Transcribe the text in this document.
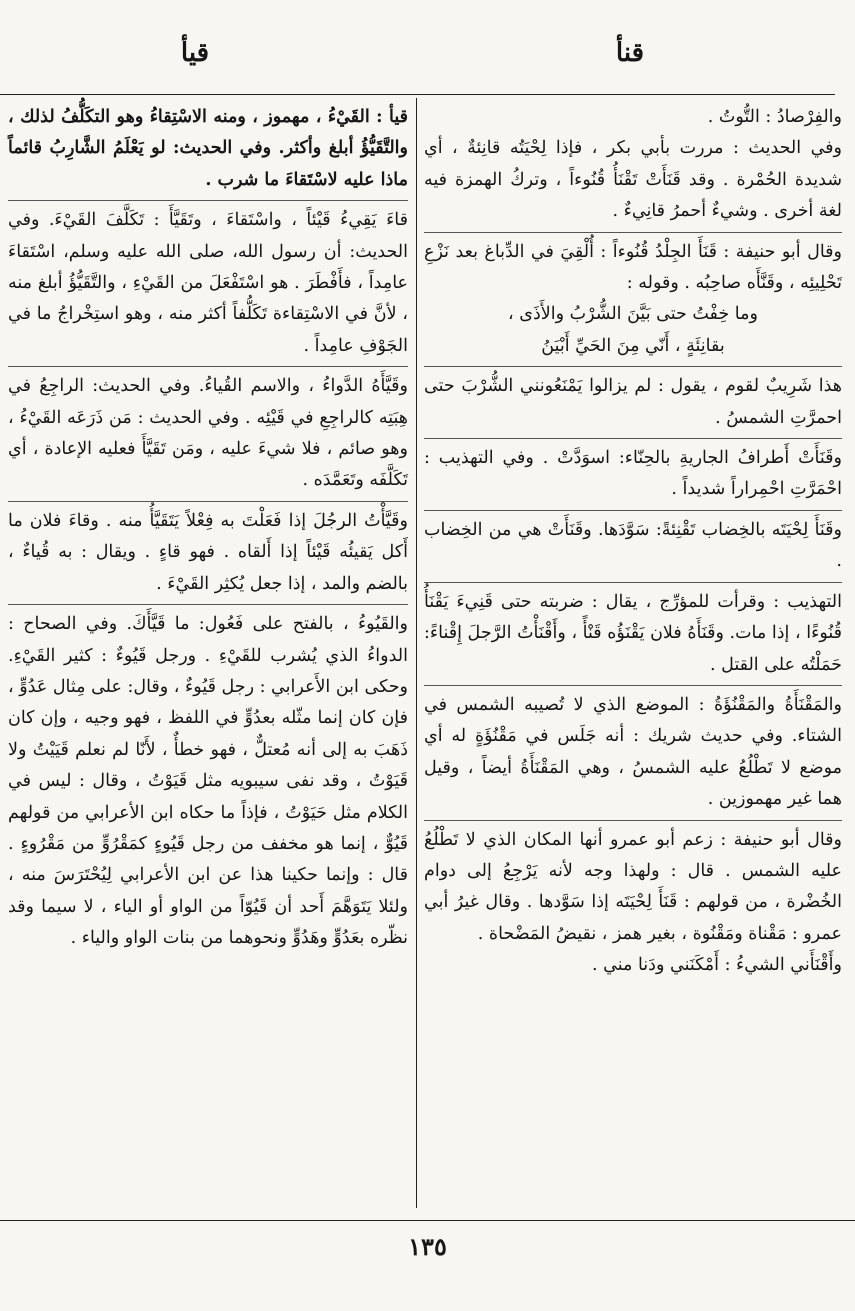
قنأ
قيأ

والفِرْصادُ : التُّوتُ .

وفي الحديث : مررت بأبي بكر ، فإذا لِحْيَتُه قانِئةٌ ، أي شديدة الحُمْرة . وقد قَنَأَتْ تَقْنَأُ قُنُوءاً ، وتركُ الهمزة فيه لغة أخرى . وشيءٌ أحمرُ قانِيءٌ .

وقال أبو حنيفة : قَنَأَ الجِلْدُ قُنُوءاً : أُلْقِيَ في الدِّباغ بعد نَزْعِ تَحْلِيئِه ، وقَنَّأَه صاحِبُه . وقوله :

وما خِفْتُ حتى بَيَّنَ الشُّرْبُ والأَذَى ،

بقانِئَةٍ ، أَنّي مِنَ الحَيِّ أَبْيَنُ

هذا شَرِيبٌ لقوم ، يقول : لم يزالوا يَمْنَعُونني الشُّرْبَ حتى احمرَّتِ الشمسُ .

وقَنَأَتْ أَطرافُ الجاريةِ بالحِنّاء: اسوَدَّتْ . وفي التهذيب : احْمَرَّتِ احْمِراراً شديداً .

وقَنَأَ لِحْيَتَه بالخِضاب تَقْنِئةً: سَوَّدَها. وقَنَأَتْ هي من الخِضاب .

التهذيب : وقرأت للمؤرِّج ، يقال : ضربته حتى قَنِيءَ يَقْنَأُ قُنُوءًا ، إذا مات. وقَنَأَهُ فلان يَقْنَؤُه قَنْأً ، وأَقْنَأْتُ الرَّجلَ إِقْناءً: حَمَلْتُه على القتل .

والمَقْنَأَةُ والمَقْنُؤَةُ : الموضع الذي لا تُصيبه الشمس في الشتاء. وفي حديث شريك : أنه جَلَس في مَقْنُؤَةٍ له أي موضع لا تَطْلُعُ عليه الشمسُ ، وهي المَقْنَأَةُ أيضاً ، وقيل هما غير مهموزين .

وقال أبو حنيفة : زعم أبو عمرو أنها المكان الذي لا تَطْلُعُ عليه الشمس . قال : ولهذا وجه لأنه يَرْجِعُ إلى دوام الخُضْرة ، من قولهم : قَنَأَ لِحْيَتَه إذا سَوَّدها . وقال غيرُ أبي عمرو : مَقْناة ومَقْنُوة ، بغير همز ، نقيضُ المَضْحاة .

وأَقْنَأَني الشيءُ : أَمْكَنَني ودَنا مني .

قيأ : القَيْءُ ، مهموز ، ومنه الاسْتِقاءُ وهو التكَلُّفُ لذلك ، والتَّقَيُّؤُ أبلغ وأكثر. وفي الحديث: لو يَعْلَمُ الشَّارِبُ قائماً ماذا عليه لاسْتَقاءَ ما شرب .

قاءَ يَقِيءُ قَيْئاً ، واسْتَقاءَ ، وتَقَيَّأَ : تَكَلَّفَ القَيْءَ. وفي الحديث: أن رسول الله، صلى الله عليه وسلم، اسْتَقاءَ عامِداً ، فأَفْطَرَ . هو اسْتَفْعَلَ من القَيْءِ ، والتَّقَيُّؤُ أبلغ منه ، لأنَّ في الاسْتِقاءة تَكَلُّفاً أكثر منه ، وهو استِخْراجُ ما في الجَوْفِ عامِداً .

وقَيَّأَهُ الدَّواءُ ، والاسم القُياءُ. وفي الحديث: الراجِعُ في هِبَتِه كالراجِعِ في قَيْئِه . وفي الحديث : مَن ذَرَعَه القَيْءُ ، وهو صائم ، فلا شيءَ عليه ، ومَن تَقَيَّأَ فعليه الإعادة ، أي تَكَلَّفَه وتَعَمَّدَه .

وقَيَّأْتُ الرجُلَ إذا فَعَلْتَ به فِعْلاً يَتَقَيَّأُ منه . وقاءَ فلان ما أَكل يَقيئُه قَيْئاً إذا أَلقاه . فهو قاءٍ . ويقال : به قُياءٌ ، بالضم والمد ، إذا جعل يُكثِر القَيْءَ .

والقَيُوءُ ، بالفتح على فَعُول: ما قَيَّأَكَ. وفي الصحاح : الدواءُ الذي يُشرب للقَيْءِ . ورجل قَيُوءٌ : كثير القَيْءِ. وحكى ابن الأَعرابي : رجل قَيُوءٌ ، وقال: على مِثال عَدُوٍّ ، فإن كان إنما مثّله بعدُوٍّ في اللفظ ، فهو وجيه ، وإن كان ذَهَبَ به إلى أنه مُعتلٌّ ، فهو خطأٌ ، لأَنّا لم نعلم قَيَيْتُ ولا قَيَوْتُ ، وقد نفى سيبويه مثل قَيَوْتُ ، وقال : ليس في الكلام مثل حَيَوْتُ ، فإذاً ما حكاه ابن الأعرابي من قولهم قَيُوٌّ ، إنما هو مخفف من رجل قَيُوءٍ كمَقْرُوٍّ من مَقْرُوءٍ . قال : وإنما حكينا هذا عن ابن الأعرابي لِيُحْتَرَسَ منه ، ولئلا يَتَوَهَّمَ أَحد أن قَيُوّاً من الواو أو الياء ، لا سيما وقد نظّره بعَدُوٍّ وهَدُوٍّ ونحوهما من بنات الواو والياء .

١٣٥
